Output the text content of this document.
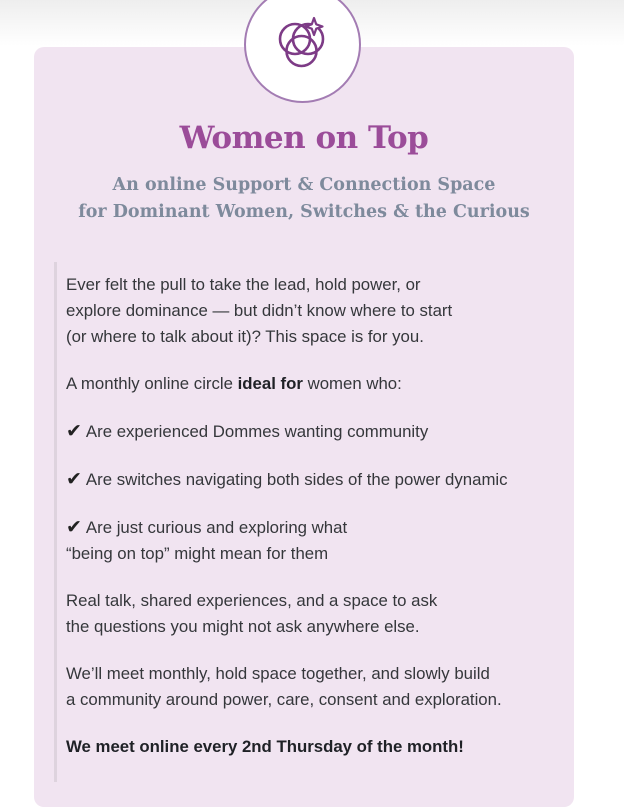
Women on Top
An online Support & Connection Space
for Dominant Women, Switches & the Curious

Ever felt the pull to take the lead, hold power, or
explore dominance — but didn’t know where to start
(or where to talk about it)? This space is for you.

A monthly online circle ideal for women who:

✔ Are experienced Dommes wanting community

✔ Are switches navigating both sides of the power dynamic

✔ Are just curious and exploring what
“being on top” might mean for them

Real talk, shared experiences, and a space to ask
the questions you might not ask anywhere else.

We’ll meet monthly, hold space together, and slowly build
a community around power, care, consent and exploration.

We meet online every 2nd Thursday of the month!
